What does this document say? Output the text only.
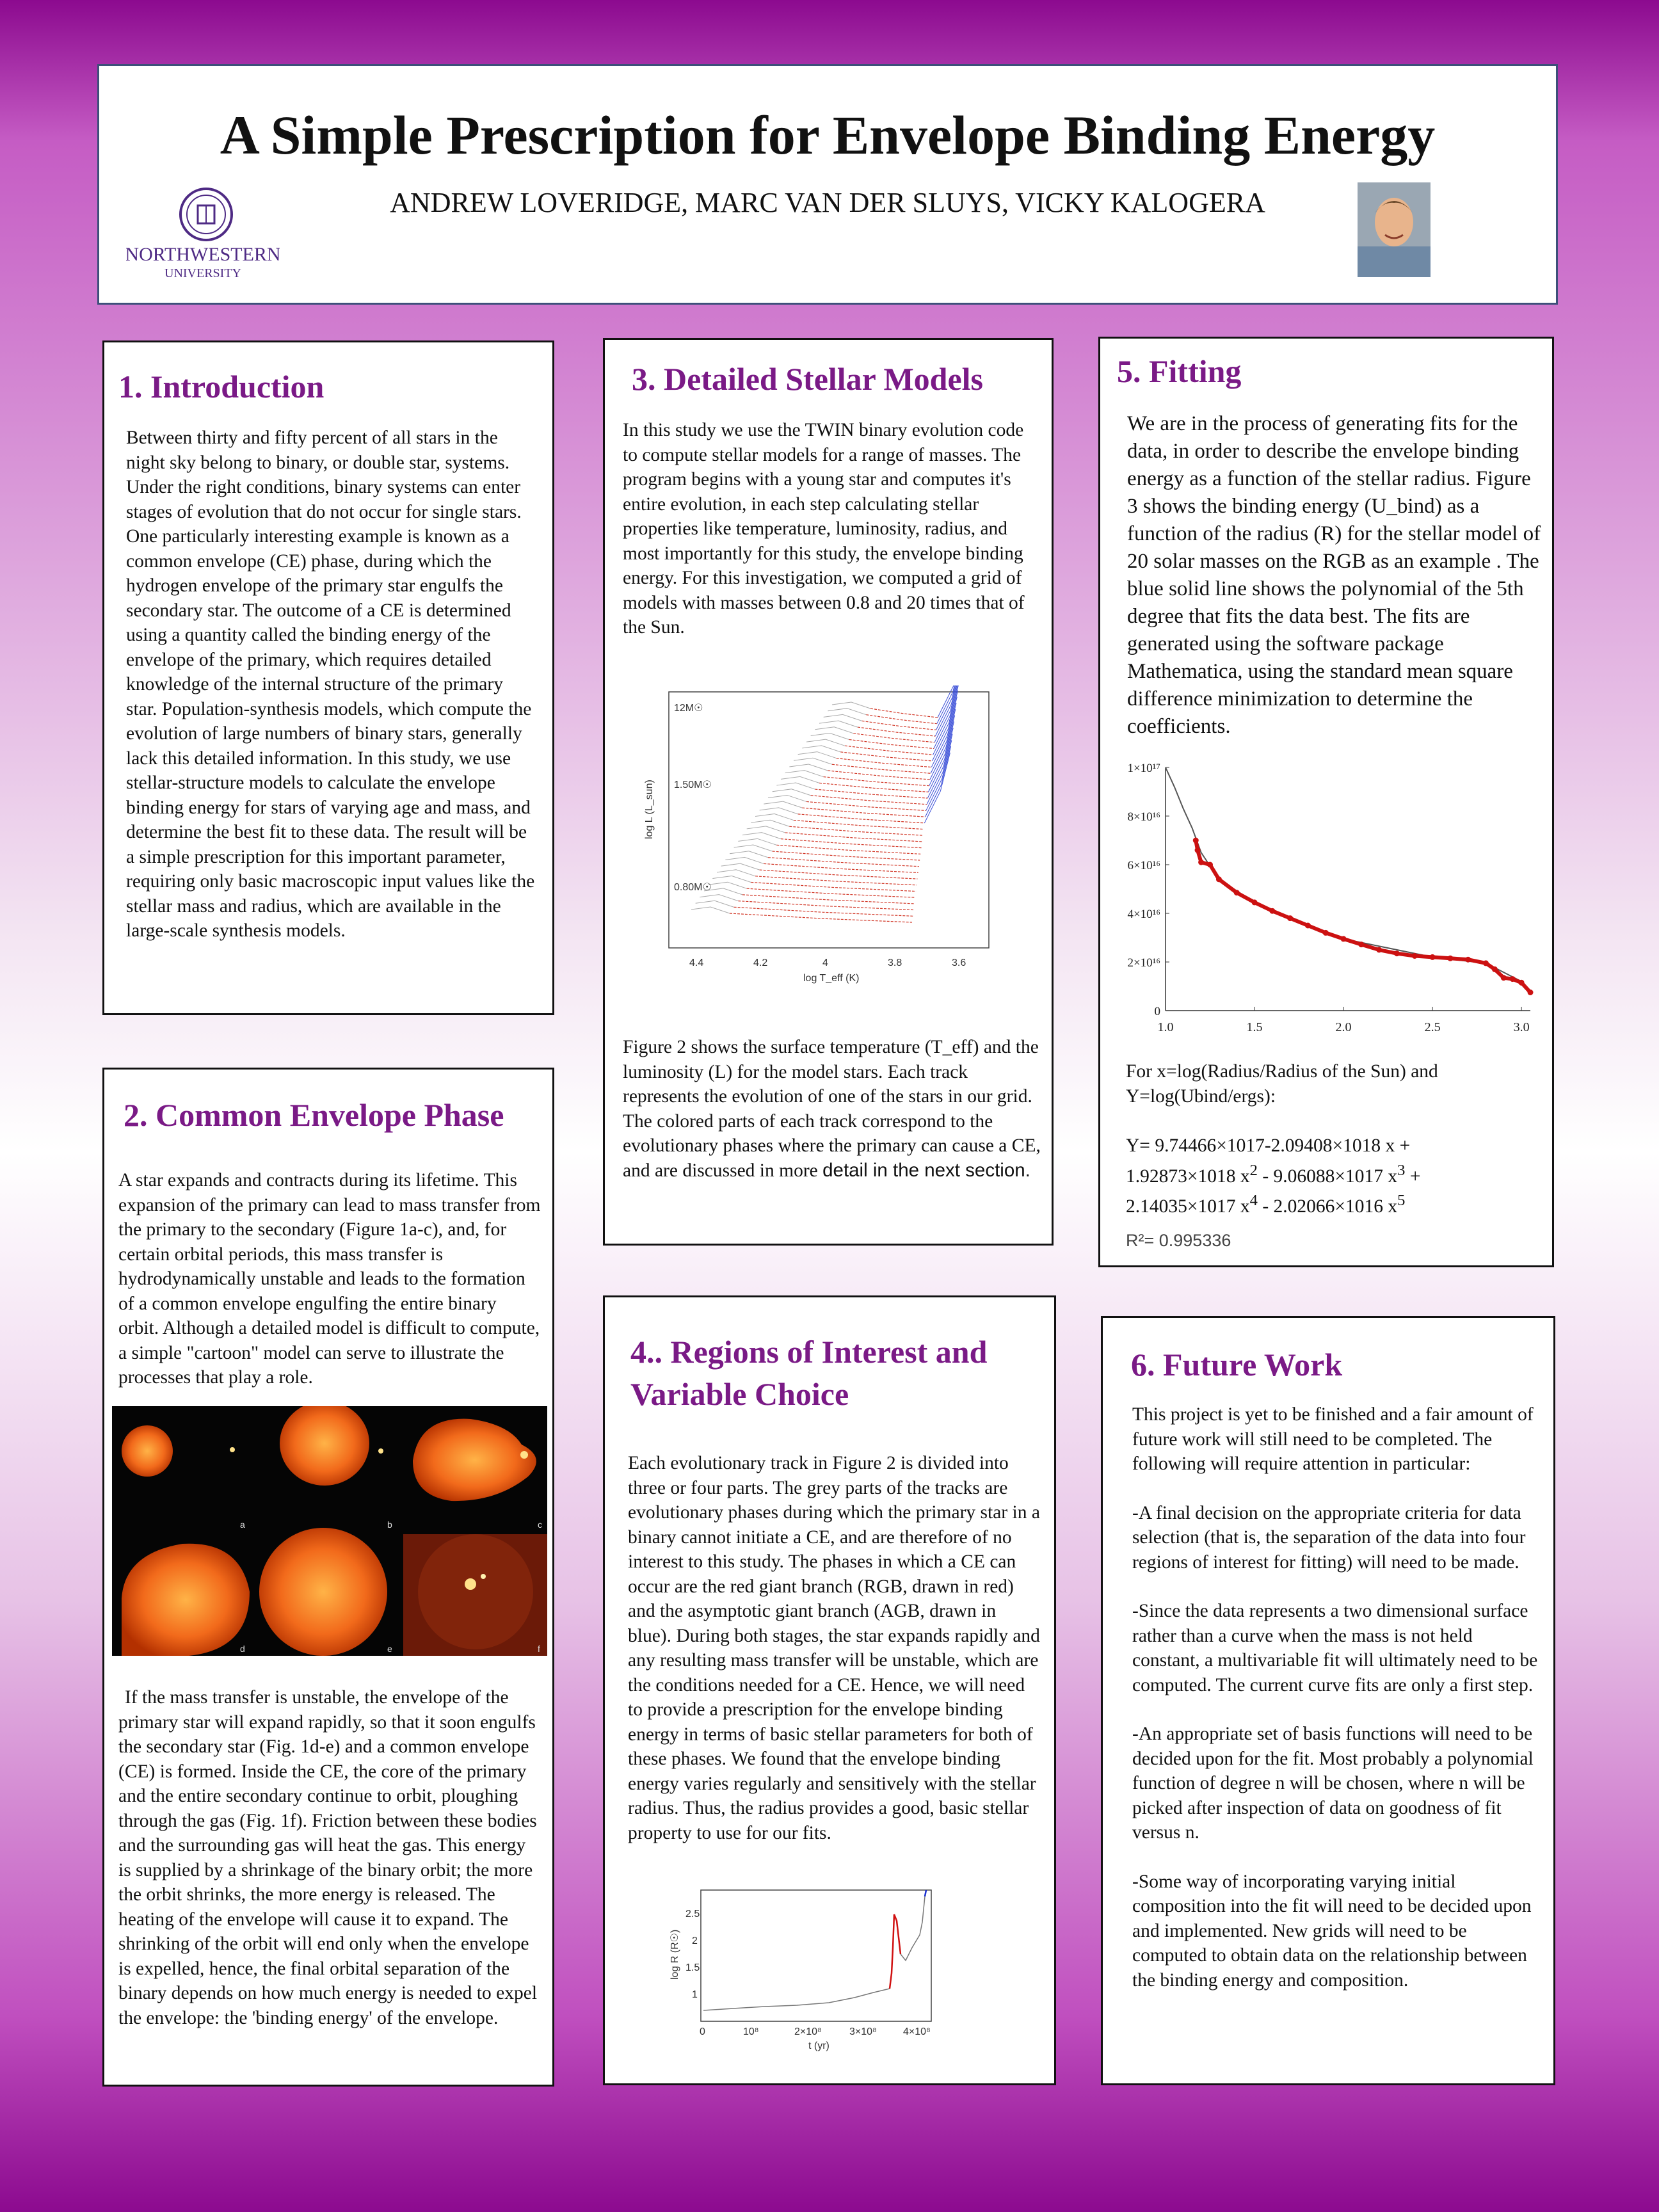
A Simple Prescription for Envelope Binding Energy
ANDREW LOVERIDGE, MARC VAN DER SLUYS, VICKY KALOGERA
NORTHWESTERN
UNIVERSITY
1. Introduction

Between thirty and fifty percent of all stars in the night sky belong to binary, or double star, systems. Under the right conditions, binary systems can enter stages of evolution that do not occur for single stars. One particularly interesting example is known as a common envelope (CE) phase, during which the hydrogen envelope of the primary star engulfs the secondary star. The outcome of a CE is determined using a quantity called the binding energy of the envelope of the primary, which requires detailed knowledge of the internal structure of the primary star. Population-synthesis models, which compute the evolution of large numbers of binary stars, generally lack this detailed information. In this study, we use stellar-structure models to calculate the envelope binding energy for stars of varying age and mass, and determine the best fit to these data. The result will be a simple prescription for this important parameter, requiring only basic macroscopic input values like the stellar mass and radius, which are available in the large-scale synthesis models.

2. Common Envelope Phase

A star expands and contracts during its lifetime. This expansion of the primary can lead to mass transfer from the primary to the secondary (Figure 1a-c), and, for certain orbital periods, this mass transfer is hydrodynamically unstable and leads to the formation of a common envelope engulfing the entire binary orbit. Although a detailed model is difficult to compute, a simple "cartoon" model can serve to illustrate the processes that play a role.

a	b	c
d	e	f

If the mass transfer is unstable, the envelope of the primary star will expand rapidly, so that it soon engulfs the secondary star (Fig. 1d-e) and a common envelope (CE) is formed. Inside the CE, the core of the primary and the entire secondary continue to orbit, ploughing through the gas (Fig. 1f). Friction between these bodies and the surrounding gas will heat the gas. This energy is supplied by a shrinkage of the binary orbit; the more the orbit shrinks, the more energy is released. The heating of the envelope will cause it to expand. The shrinking of the orbit will end only when the envelope is expelled, hence, the final orbital separation of the binary depends on how much energy is needed to expel the envelope: the 'binding energy' of the envelope.

3. Detailed Stellar Models

In this study we use the TWIN binary evolution code to compute stellar models for a range of masses. The program begins with a young star and computes it's entire evolution, in each step calculating stellar properties like temperature, luminosity, radius, and most importantly for this study, the envelope binding energy. For this investigation, we computed a grid of models with masses between 0.8 and 20 times that of the Sun.

12M☉
1.50M☉
0.80M☉
4.4	4.2	4	3.8	3.6
log T_eff (K)
log L (L_sun)

Figure 2 shows the surface temperature (T_eff) and the luminosity (L) for the model stars. Each track represents the evolution of one of the stars in our grid. The colored parts of each track correspond to the evolutionary phases where the primary can cause a CE, and are discussed in more detail in the next section.

4.. Regions of Interest and
Variable Choice

Each evolutionary track in Figure 2 is divided into three or four parts. The grey parts of the tracks are evolutionary phases during which the primary star in a binary cannot initiate a CE, and are therefore of no interest to this study. The phases in which a CE can occur are the red giant branch (RGB, drawn in red) and the asymptotic giant branch (AGB, drawn in blue). During both stages, the star expands rapidly and any resulting mass transfer will be unstable, which are the conditions needed for a CE. Hence, we will need to provide a prescription for the envelope binding energy in terms of basic stellar parameters for both of these phases. We found that the envelope binding energy varies regularly and sensitively with the stellar radius. Thus, the radius provides a good, basic stellar property to use for our fits.

0	10⁸	2×10⁸	3×10⁸	4×10⁸
t (yr)
1
1.5
2
2.5
log R (R☉)
5. Fitting

We are in the process of generating fits for the data, in order to describe the envelope binding energy as a function of the stellar radius. Figure 3 shows the binding energy (U_bind) as a function of the radius (R) for the stellar model of 20 solar masses on the RGB as an example . The blue solid line shows the polynomial of the 5th degree that fits the data best. The fits are generated using the software package Mathematica, using the standard mean square difference minimization to determine the coefficients.

1.0	1.5	2.0	2.5	3.0
0
2×10¹⁶
4×10¹⁶
6×10¹⁶
8×10¹⁶
1×10¹⁷

For x=log(Radius/Radius of the Sun) and

Y=log(Ubind/ergs):

Y= 9.74466×1017-2.09408×1018 x +

1.92873×1018 $x^2 - 9.06088\times 1017$ $x^3$ +

2.14035×1017 $x^4 - 2.02066\times 1016$ $x^5$

R²= 0.995336

6. Future Work

This project is yet to be finished and a fair amount of future work will still need to be completed. The following will require attention in particular:

-A final decision on the appropriate criteria for data selection (that is, the separation of the data into four regions of interest for fitting) will need to be made.

-Since the data represents a two dimensional surface rather than a curve when the mass is not held constant, a multivariable fit will ultimately need to be computed. The current curve fits are only a first step.

-An appropriate set of basis functions will need to be decided upon for the fit. Most probably a polynomial function of degree n will be chosen, where n will be picked after inspection of data on goodness of fit versus n.

-Some way of incorporating varying initial composition into the fit will need to be decided upon and implemented. New grids will need to be computed to obtain data on the relationship between the binding energy and composition.
